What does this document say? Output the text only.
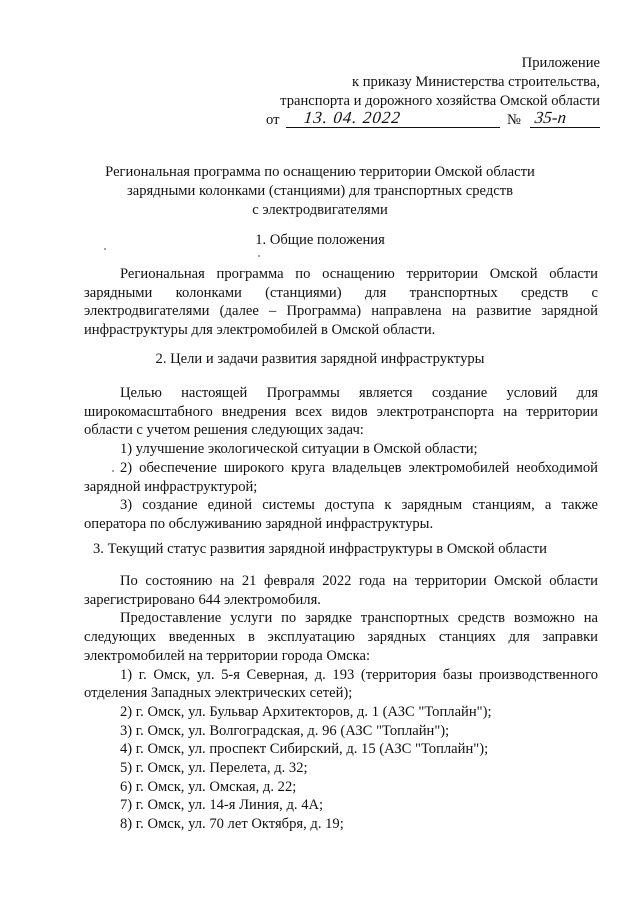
Приложение
к приказу Министерства строительства,
транспорта и дорожного хозяйства Омской области
от 13. 04. 2022	№ 35-п
Региональная программа по оснащению территории Омской области
зарядными колонками (станциями) для транспортных средств
с электродвигателями
1. Общие положения

Региональная программа по оснащению территории Омской области зарядными колонками (станциями) для транспортных средств с электродвигателями (далее – Программа) направлена на развитие зарядной инфраструктуры для электромобилей в Омской области.

2. Цели и задачи развития зарядной инфраструктуры

Целью настоящей Программы является создание условий для широкомасштабного внедрения всех видов электротранспорта на территории области с учетом решения следующих задач:

1) улучшение экологической ситуации в Омской области;

2) обеспечение широкого круга владельцев электромобилей необходимой зарядной инфраструктурой;

3) создание единой системы доступа к зарядным станциям, а также оператора по обслуживанию зарядной инфраструктуры.

3. Текущий статус развития зарядной инфраструктуры в Омской области

По состоянию на 21 февраля 2022 года на территории Омской области зарегистрировано 644 электромобиля.

Предоставление услуги по зарядке транспортных средств возможно на следующих введенных в эксплуатацию зарядных станциях для заправки электромобилей на территории города Омска:

1) г. Омск, ул. 5-я Северная, д. 193 (территория базы производственного отделения Западных электрических сетей);

2) г. Омск, ул. Бульвар Архитекторов, д. 1 (АЗС "Топлайн");

3) г. Омск, ул. Волгоградская, д. 96 (АЗС "Топлайн");

4) г. Омск, ул. проспект Сибирский, д. 15 (АЗС "Топлайн");

5) г. Омск, ул. Перелета, д. 32;

6) г. Омск, ул. Омская, д. 22;

7) г. Омск, ул. 14-я Линия, д. 4А;

8) г. Омск, ул. 70 лет Октября, д. 19;
